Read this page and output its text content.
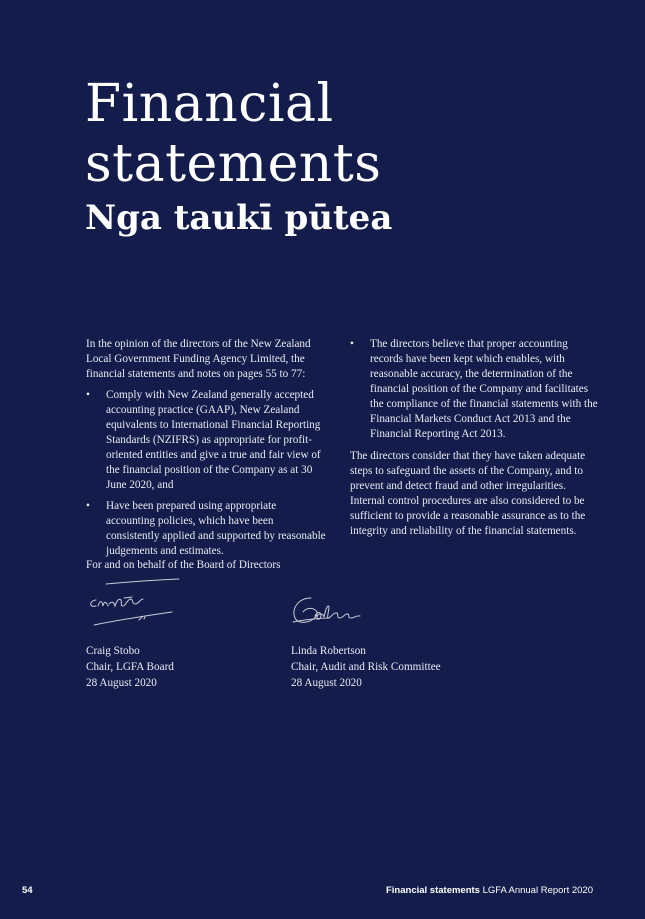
Financial
statements
Nga taukī pūtea

In the opinion of the directors of the New Zealand Local Government Funding Agency Limited, the financial statements and notes on pages 55 to 77:

• Comply with New Zealand generally accepted accounting practice (GAAP), New Zealand equivalents to International Financial Reporting Standards (NZIFRS) as appropriate for profit-oriented entities and give a true and fair view of the financial position of the Company as at 30 June 2020, and
• Have been prepared using appropriate accounting policies, which have been consistently applied and supported by reasonable judgements and estimates.
• The directors believe that proper accounting records have been kept which enables, with reasonable accuracy, the determination of the financial position of the Company and facilitates the compliance of the financial statements with the Financial Markets Conduct Act 2013 and the Financial Reporting Act 2013.

The directors consider that they have taken adequate steps to safeguard the assets of the Company, and to prevent and detect fraud and other irregularities. Internal control procedures are also considered to be sufficient to provide a reasonable assurance as to the integrity and reliability of the financial statements.

For and on behalf of the Board of Directors
Craig Stobo
Chair, LGFA Board
28 August 2020
Linda Robertson
Chair, Audit and Risk Committee
28 August 2020
54	Financial statements LGFA Annual Report 2020
